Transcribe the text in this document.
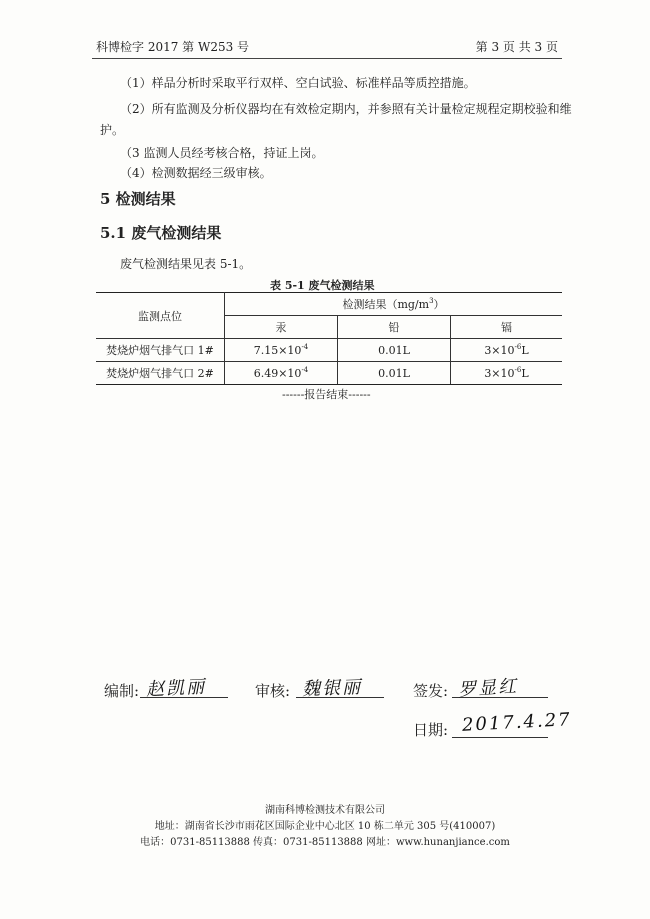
科博检字 2017 第 W253 号	第 3 页 共 3 页
（1）样品分析时采取平行双样、空白试验、标准样品等质控措施。
（2）所有监测及分析仪器均在有效检定期内，并参照有关计量检定规程定期校验和维
护。
（3 监测人员经考核合格，持证上岗。
（4）检测数据经三级审核。
5 检测结果
5.1 废气检测结果
废气检测结果见表 5-1。
表 5-1 废气检测结果
监测点位	检测结果$(mg/m^3)$		
	汞	铅	镉
焚烧炉烟气排气口 1#	$7.15\times 10^{-4}$	0.01L	$3\times 10^{-6}L$
焚烧炉烟气排气口 2#	$6.49\times 10^{-4}$	0.01L	$3\times 10^{-6}L$
------报告结束------
编制: 赵凯丽	审核: 魏银丽	签发: 罗显红
日期: 2017.4.27
湖南科博检测技术有限公司
地址：湖南省长沙市雨花区国际企业中心北区 10 栋二单元 305 号(410007)
电话：0731-85113888 传真：0731-85113888 网址：www.hunanjiance.com
